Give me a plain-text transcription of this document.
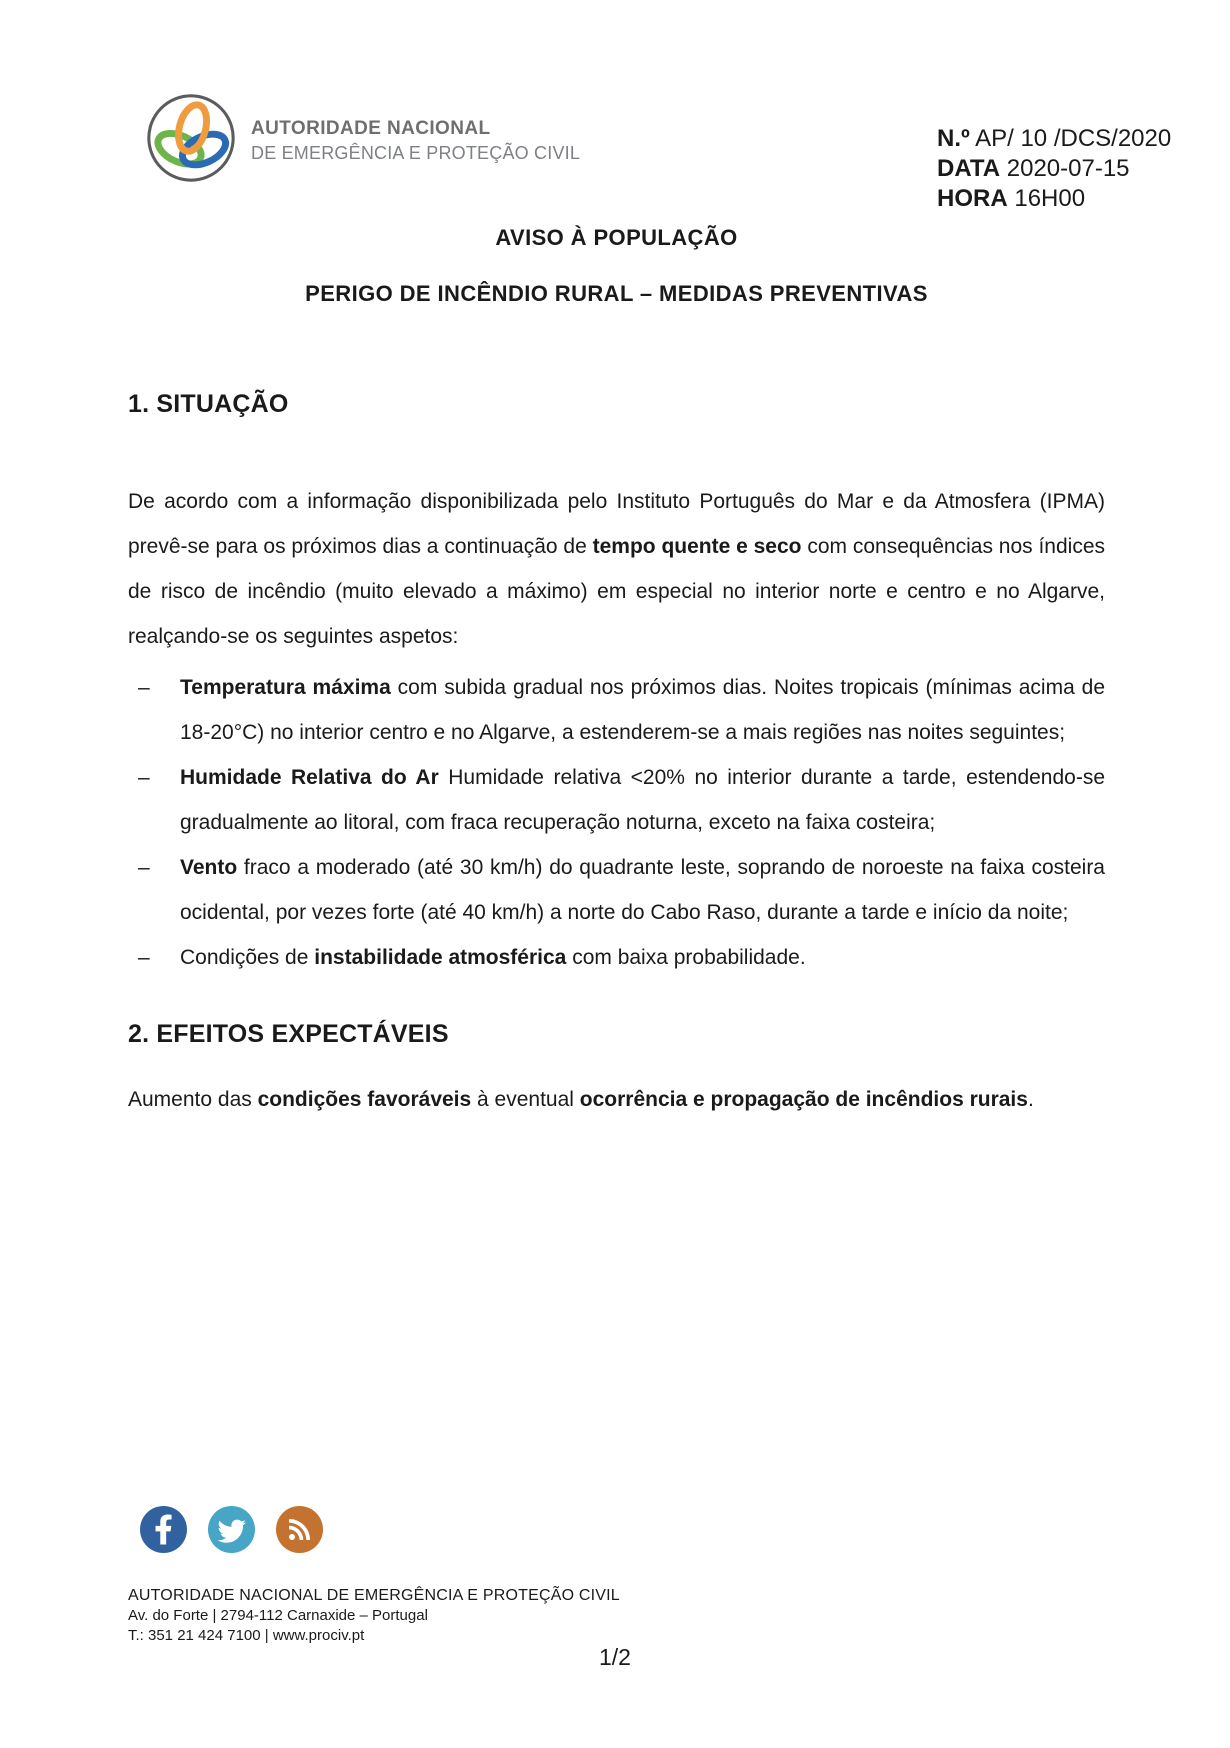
AUTORIDADE NACIONAL
DE EMERGÊNCIA E PROTEÇÃO CIVIL
N.º AP/ 10 /DCS/2020
DATA 2020-07-15
HORA 16H00
AVISO À POPULAÇÃO
PERIGO DE INCÊNDIO RURAL – MEDIDAS PREVENTIVAS
1. SITUAÇÃO

De acordo com a informação disponibilizada pelo Instituto Português do Mar e da Atmosfera (IPMA) prevê-se para os próximos dias a continuação de tempo quente e seco com consequências nos índices de risco de incêndio (muito elevado a máximo) em especial no interior norte e centro e no Algarve, realçando-se os seguintes aspetos:

–	Temperatura máxima com subida gradual nos próximos dias. Noites tropicais (mínimas acima de 18-20°C) no interior centro e no Algarve, a estenderem-se a mais regiões nas noites seguintes;
–	Humidade Relativa do Ar Humidade relativa <20% no interior durante a tarde, estendendo-se gradualmente ao litoral, com fraca recuperação noturna, exceto na faixa costeira;
–	Vento fraco a moderado (até 30 km/h) do quadrante leste, soprando de noroeste na faixa costeira ocidental, por vezes forte (até 40 km/h) a norte do Cabo Raso, durante a tarde e início da noite;
–	Condições de instabilidade atmosférica com baixa probabilidade.
2. EFEITOS EXPECTÁVEIS

Aumento das condições favoráveis à eventual ocorrência e propagação de incêndios rurais.

AUTORIDADE NACIONAL DE EMERGÊNCIA E PROTEÇÃO CIVIL
Av. do Forte | 2794-112 Carnaxide – Portugal
T.: 351 21 424 7100 | www.prociv.pt
1/2
